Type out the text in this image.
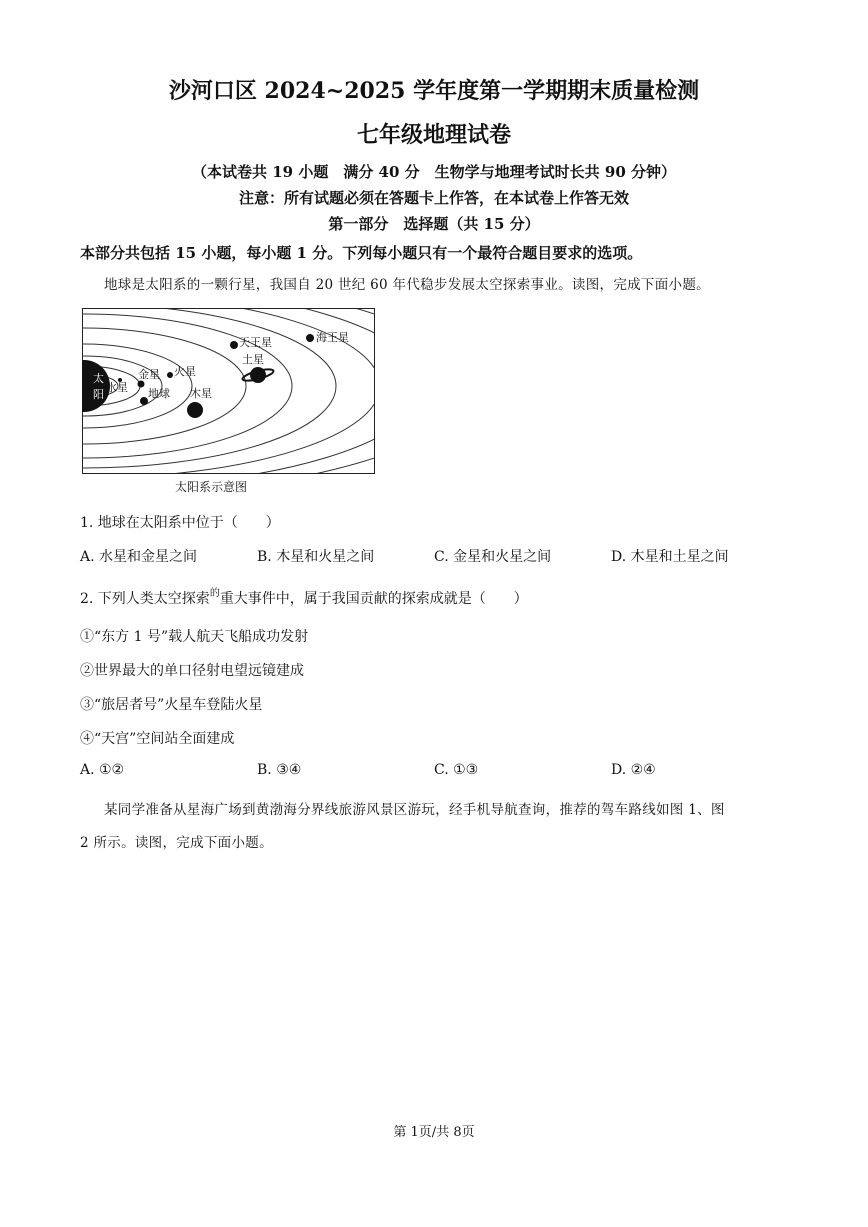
沙河口区 2024~2025 学年度第一学期期末质量检测
七年级地理试卷
（本试卷共 19 小题　满分 40 分　生物学与地理考试时长共 90 分钟）
注意：所有试题必须在答题卡上作答，在本试卷上作答无效
第一部分　选择题（共 15 分）
本部分共包括 15 小题，每小题 1 分。下列每小题只有一个最符合题目要求的选项。
地球是太阳系的一颗行星，我国自 20 世纪 60 年代稳步发展太空探索事业。读图，完成下面小题。
太
阳
水星
金星
地球
火星
木星
土星
天王星	海王星
太阳系示意图
1. 地球在太阳系中位于（　　）
A. 水星和金星之间	B. 木星和火星之间	C. 金星和火星之间	D. 木星和土星之间
2. 下列人类太空探索$^的$重大事件中，属于我国贡献的探索成就是（　　）
①“东方 1 号”载人航天飞船成功发射
②世界最大的单口径射电望远镜建成
③“旅居者号”火星车登陆火星
④“天宫”空间站全面建成
A. ①②	B. ③④	C. ①③	D. ②④
某同学准备从星海广场到黄渤海分界线旅游风景区游玩，经手机导航查询，推荐的驾车路线如图 1、图
2 所示。读图，完成下面小题。
第 1页/共 8页
